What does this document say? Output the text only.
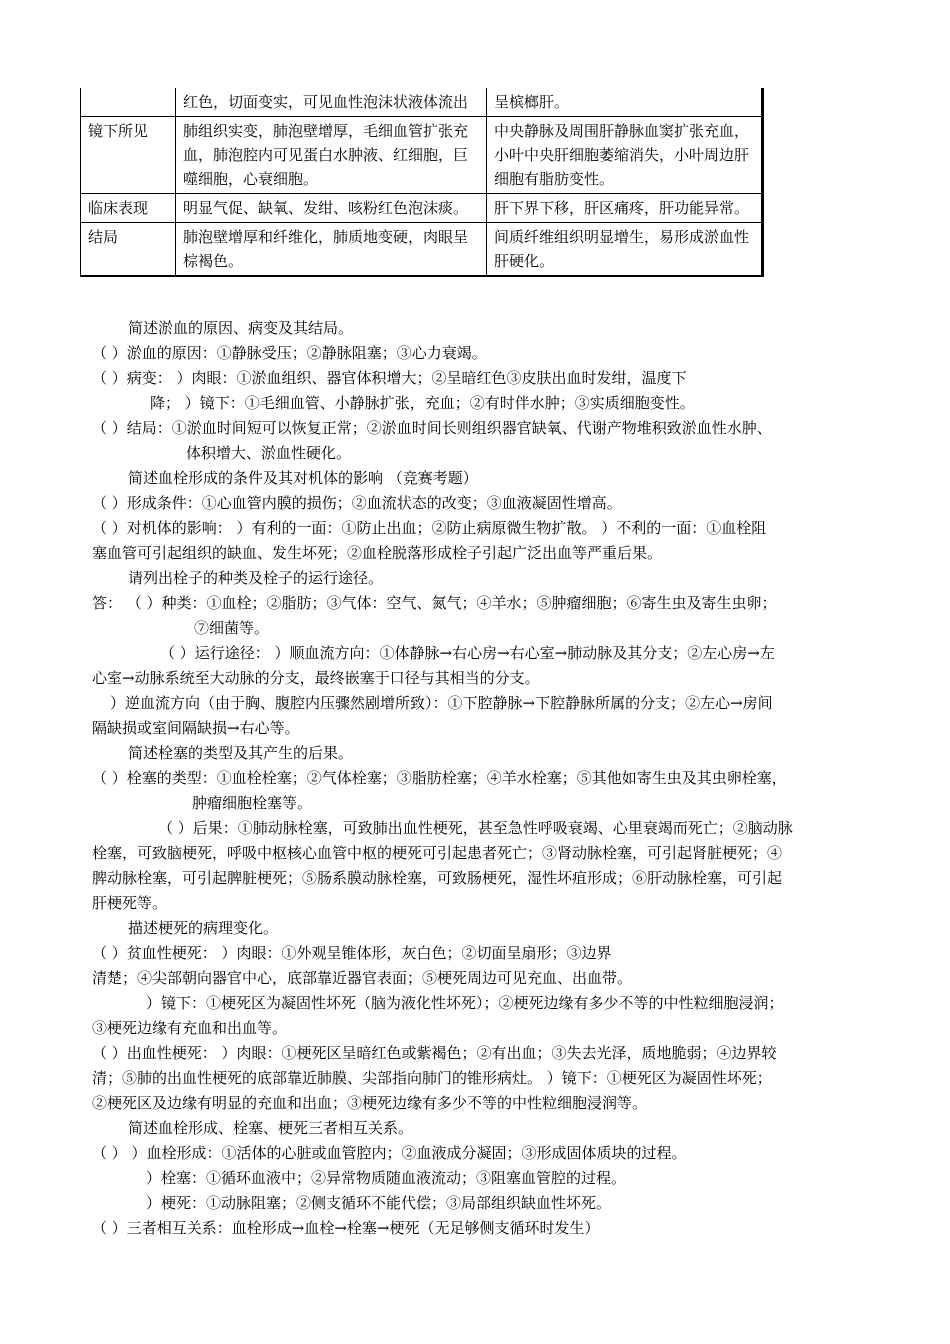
	红色，切面变实，可见血性泡沫状液体流出	呈槟榔肝。
镜下所见	肺组织实变，肺泡壁增厚，毛细血管扩张充血，肺泡腔内可见蛋白水肿液、红细胞，巨噬细胞，心衰细胞。	中央静脉及周围肝静脉血窦扩张充血，小叶中央肝细胞萎缩消失，小叶周边肝细胞有脂肪变性。
临床表现	明显气促、缺氧、发绀、咳粉红色泡沫痰。	肝下界下移，肝区痛疼，肝功能异常。
结局	肺泡壁增厚和纤维化，肺质地变硬，肉眼呈棕褐色。	间质纤维组织明显增生，易形成淤血性肝硬化。
简述淤血的原因、病变及其结局。
（ ）淤血的原因：①静脉受压；②静脉阻塞；③心力衰竭。
（ ）病变： ）肉眼：①淤血组织、器官体积增大；②呈暗红色③皮肤出血时发绀，温度下
降； ）镜下：①毛细血管、小静脉扩张，充血；②有时伴水肿；③实质细胞变性。
（ ）结局：①淤血时间短可以恢复正常；②淤血时间长则组织器官缺氧、代谢产物堆积致淤血性水肿、
体积增大、淤血性硬化。
简述血栓形成的条件及其对机体的影响 （竞赛考题）
（ ）形成条件：①心血管内膜的损伤；②血流状态的改变；③血液凝固性增高。
（ ）对机体的影响： ）有利的一面：①防止出血；②防止病原微生物扩散。 ）不利的一面：①血栓阻
塞血管可引起组织的缺血、发生坏死；②血栓脱落形成栓子引起广泛出血等严重后果。
请列出栓子的种类及栓子的运行途径。
答： （ ）种类：①血栓；②脂肪；③气体：空气、氮气；④羊水；⑤肿瘤细胞；⑥寄生虫及寄生虫卵；
⑦细菌等。
（ ）运行途径： ）顺血流方向：①体静脉→右心房→右心室→肺动脉及其分支；②左心房→左
心室→动脉系统至大动脉的分支，最终嵌塞于口径与其相当的分支。
）逆血流方向（由于胸、腹腔内压骤然剧增所致）：①下腔静脉→下腔静脉所属的分支；②左心→房间
隔缺损或室间隔缺损→右心等。
简述栓塞的类型及其产生的后果。
（ ）栓塞的类型：①血栓栓塞；②气体栓塞；③脂肪栓塞；④羊水栓塞；⑤其他如寄生虫及其虫卵栓塞，
肿瘤细胞栓塞等。
（ ）后果：①肺动脉栓塞，可致肺出血性梗死，甚至急性呼吸衰竭、心里衰竭而死亡；②脑动脉
栓塞，可致脑梗死，呼吸中枢核心血管中枢的梗死可引起患者死亡；③肾动脉栓塞，可引起肾脏梗死；④
脾动脉栓塞，可引起脾脏梗死；⑤肠系膜动脉栓塞，可致肠梗死，湿性坏疽形成；⑥肝动脉栓塞，可引起
肝梗死等。
描述梗死的病理变化。
（ ）贫血性梗死： ）肉眼：①外观呈锥体形，灰白色；②切面呈扇形；③边界
清楚；④尖部朝向器官中心，底部靠近器官表面；⑤梗死周边可见充血、出血带。
）镜下：①梗死区为凝固性坏死（脑为液化性坏死）；②梗死边缘有多少不等的中性粒细胞浸润；
③梗死边缘有充血和出血等。
（ ）出血性梗死： ）肉眼：①梗死区呈暗红色或紫褐色；②有出血；③失去光泽，质地脆弱；④边界较
清；⑤肺的出血性梗死的底部靠近肺膜、尖部指向肺门的锥形病灶。 ）镜下：①梗死区为凝固性坏死；
②梗死区及边缘有明显的充血和出血；③梗死边缘有多少不等的中性粒细胞浸润等。
简述血栓形成、栓塞、梗死三者相互关系。
（ ） ）血栓形成：①活体的心脏或血管腔内；②血液成分凝固；③形成固体质块的过程。
）栓塞：①循环血液中；②异常物质随血液流动；③阻塞血管腔的过程。
）梗死：①动脉阻塞；②侧支循环不能代偿；③局部组织缺血性坏死。
（ ）三者相互关系：血栓形成→血栓→栓塞→梗死（无足够侧支循环时发生）
